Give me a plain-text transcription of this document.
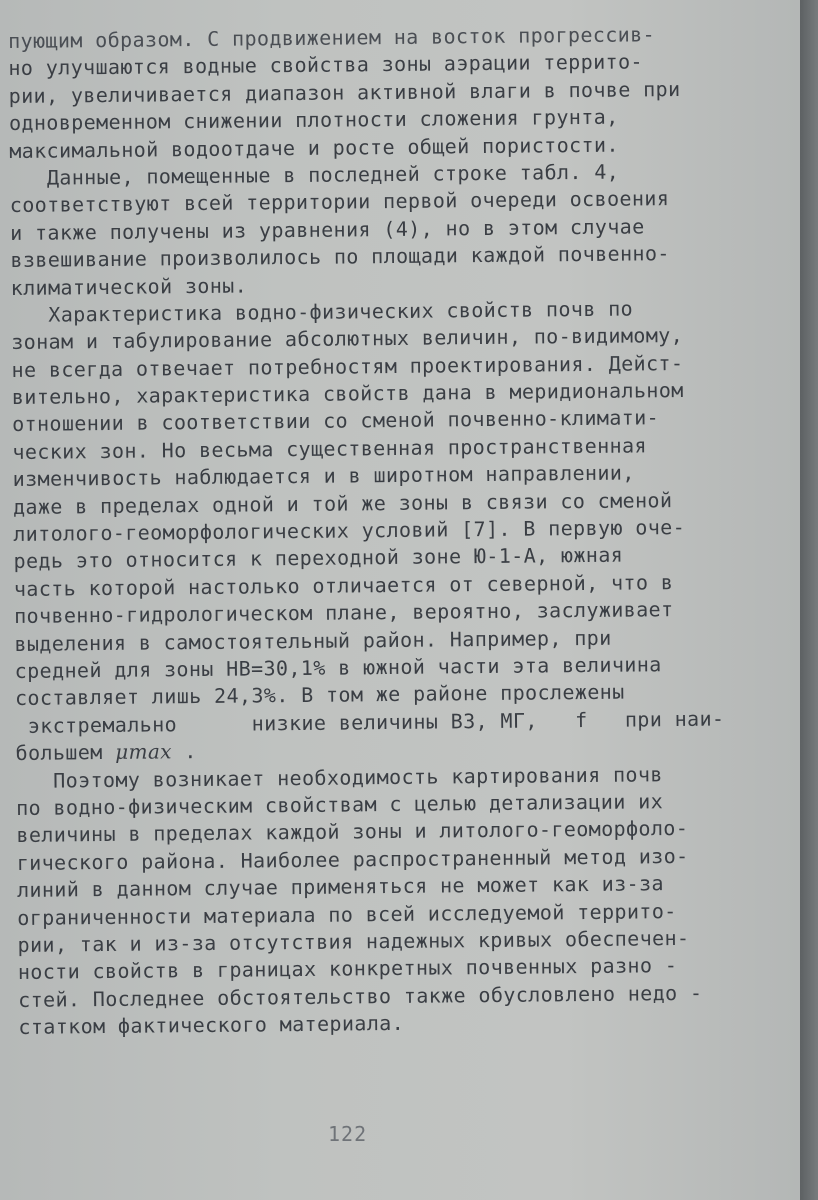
пующим образом. С продвижением на восток прогрессив-
но улучшаются водные свойства зоны аэрации террито-
рии, увеличивается диапазон активной влаги в почве при
одновременном снижении плотности сложения грунта,
максимальной водоотдаче и росте общей пористости.
Данные, помещенные в последней строке табл. 4,
соответствуют всей территории первой очереди освоения
и также получены из уравнения (4), но в этом случае
взвешивание произволилось по площади каждой почвенно-
климатической зоны.
Характеристика водно-физических свойств почв по
зонам и табулирование абсолютных величин, по-видимому,
не всегда отвечает потребностям проектирования. Дейст-
вительно, характеристика свойств дана в меридиональном
отношении в соответствии со сменой почвенно-климати-
ческих зон. Но весьма существенная пространственная
изменчивость наблюдается и в широтном направлении,
даже в пределах одной и той же зоны в связи со сменой
литолого-геоморфологических условий [7]. В первую оче-
редь это относится к переходной зоне Ю-1-А, южная
часть которой настолько отличается от северной, что в
почвенно-гидрологическом плане, вероятно, заслуживает
выделения в самостоятельный район. Например, при
средней для зоны НВ=30,1% в южной части эта величина
составляет лишь 24,3%. В том же районе прослежены
экстремально      низкие величины ВЗ, МГ,   f   при наи-
большем μmax .
Поэтому возникает необходимость картирования почв
по водно-физическим свойствам с целью детализации их
величины в пределах каждой зоны и литолого-геоморфоло-
гического района. Наиболее распространенный метод изо-
линий в данном случае применяться не может как из-за
ограниченности материала по всей исследуемой террито-
рии, так и из-за отсутствия надежных кривых обеспечен-
ности свойств в границах конкретных почвенных разно -
стей. Последнее обстоятельство также обусловлено недо -
статком фактического материала.
122
